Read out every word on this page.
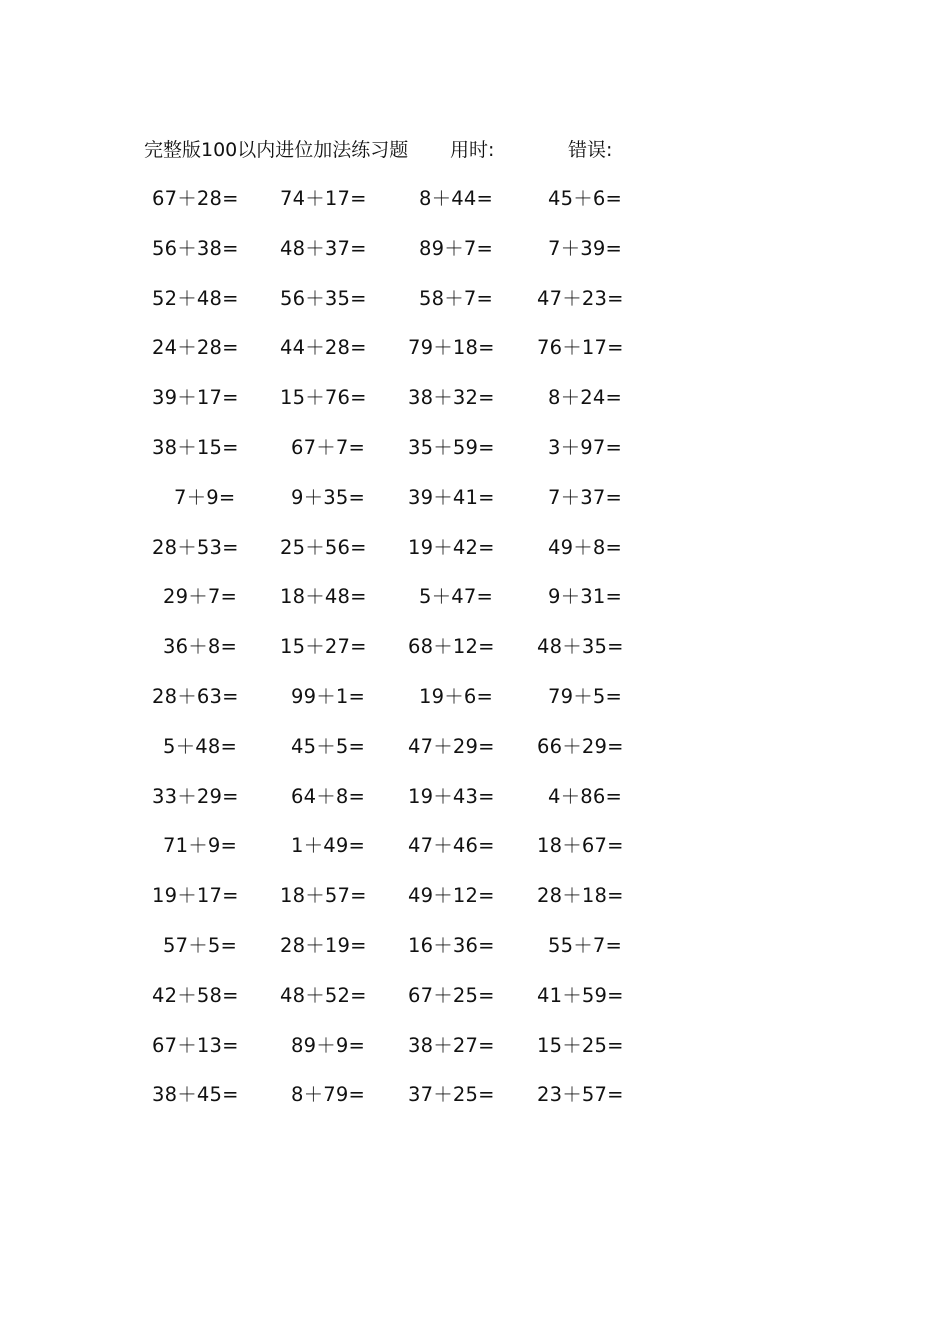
完整版100以内进位加法练习题 用时:	错误:
67＋28= 74＋17=	8＋44=	45＋6=
56＋38= 48＋37=	89＋7=	7＋39=
52＋48= 56＋35=	58＋7= 47＋23=
24＋28= 44＋28= 79＋18= 76＋17=
39＋17= 15＋76= 38＋32=	8＋24=
38＋15=	67＋7= 35＋59=	3＋97=
7＋9=	9＋35= 39＋41=	7＋37=
28＋53= 25＋56= 19＋42=	49＋8=
29＋7= 18＋48=	5＋47=	9＋31=
36＋8= 15＋27= 68＋12= 48＋35=
28＋63=	99＋1=	19＋6=	79＋5=
5＋48=	45＋5= 47＋29= 66＋29=
33＋29=	64＋8= 19＋43=	4＋86=
71＋9=	1＋49= 47＋46= 18＋67=
19＋17= 18＋57= 49＋12= 28＋18=
57＋5= 28＋19= 16＋36=	55＋7=
42＋58= 48＋52= 67＋25= 41＋59=
67＋13=	89＋9= 38＋27= 15＋25=
38＋45=	8＋79= 37＋25= 23＋57=
